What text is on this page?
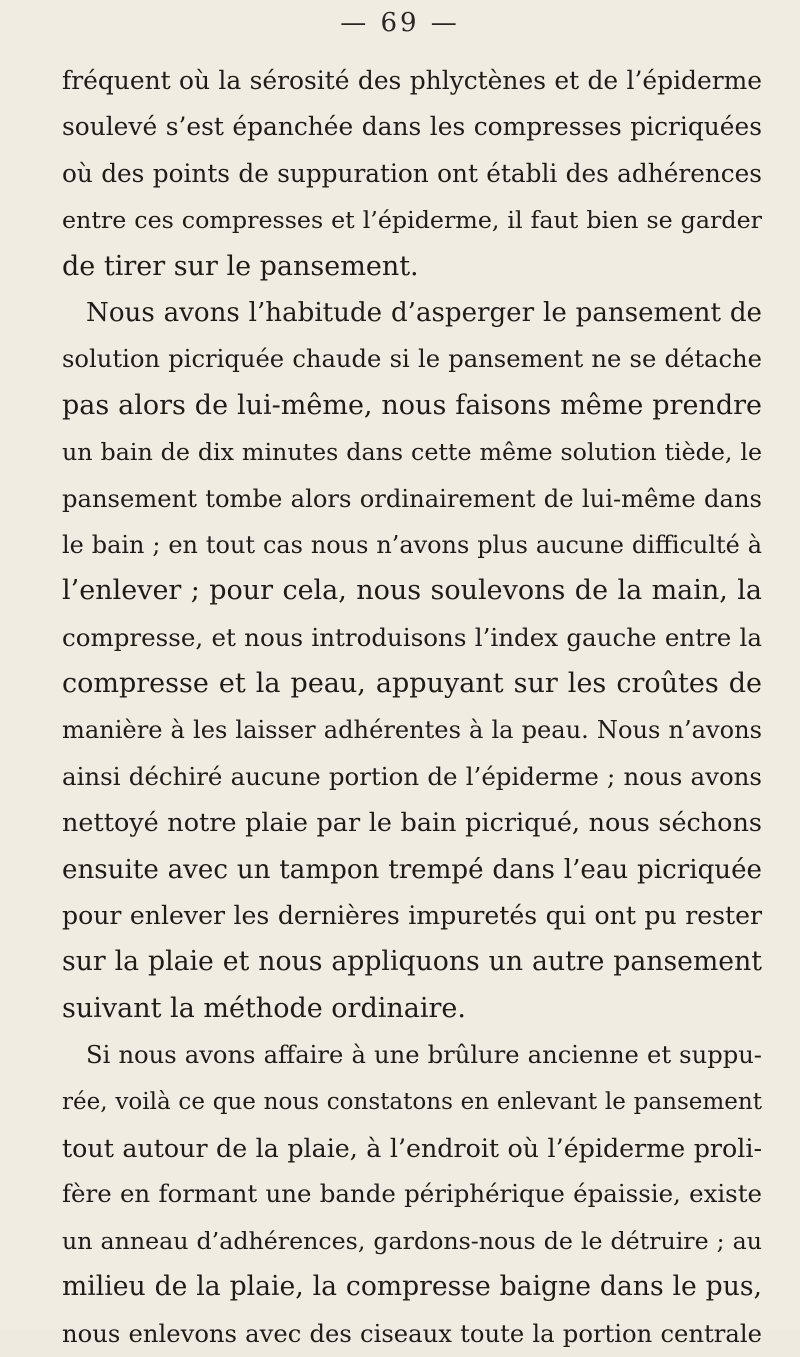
— 69 —
fréquent où la sérosité des phlyctènes et de l’épiderme
soulevé s’est épanchée dans les compresses picriquées
où des points de suppuration ont établi des adhérences
entre ces compresses et l’épiderme, il faut bien se garder
de tirer sur le pansement.
Nous avons l’habitude d’asperger le pansement de
solution picriquée chaude si le pansement ne se détache
pas alors de lui-même, nous faisons même prendre
un bain de dix minutes dans cette même solution tiède, le
pansement tombe alors ordinairement de lui-même dans
le bain ; en tout cas nous n’avons plus aucune difficulté à
l’enlever ; pour cela, nous soulevons de la main, la
compresse, et nous introduisons l’index gauche entre la
compresse et la peau, appuyant sur les croûtes de
manière à les laisser adhérentes à la peau. Nous n’avons
ainsi déchiré aucune portion de l’épiderme ; nous avons
nettoyé notre plaie par le bain picriqué, nous séchons
ensuite avec un tampon trempé dans l’eau picriquée
pour enlever les dernières impuretés qui ont pu rester
sur la plaie et nous appliquons un autre pansement
suivant la méthode ordinaire.
Si nous avons affaire à une brûlure ancienne et suppu-
rée, voilà ce que nous constatons en enlevant le pansement
tout autour de la plaie, à l’endroit où l’épiderme proli-
fère en formant une bande périphérique épaissie, existe
un anneau d’adhérences, gardons-nous de le détruire ; au
milieu de la plaie, la compresse baigne dans le pus,
nous enlevons avec des ciseaux toute la portion centrale
